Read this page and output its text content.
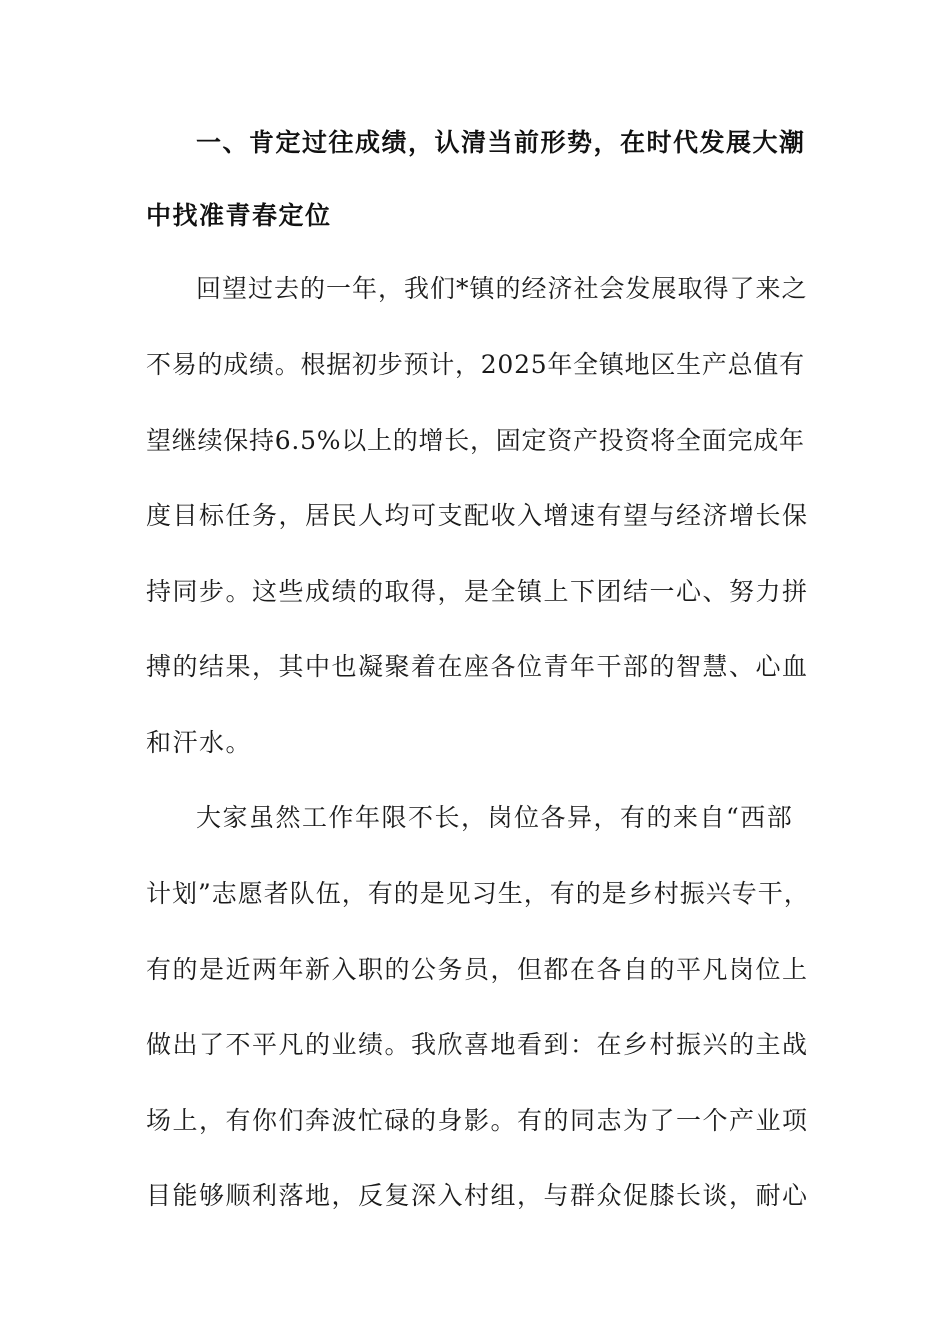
一、肯定过往成绩，认清当前形势，在时代发展大潮
中找准青春定位
回望过去的一年，我们*镇的经济社会发展取得了来之
不易的成绩。根据初步预计，2025年全镇地区生产总值有
望继续保持6.5%以上的增长，固定资产投资将全面完成年
度目标任务，居民人均可支配收入增速有望与经济增长保
持同步。这些成绩的取得，是全镇上下团结一心、努力拼
搏的结果，其中也凝聚着在座各位青年干部的智慧、心血
和汗水。
大家虽然工作年限不长，岗位各异，有的来自“西部
计划”志愿者队伍，有的是见习生，有的是乡村振兴专干，
有的是近两年新入职的公务员，但都在各自的平凡岗位上
做出了不平凡的业绩。我欣喜地看到：在乡村振兴的主战
场上，有你们奔波忙碌的身影。有的同志为了一个产业项
目能够顺利落地，反复深入村组，与群众促膝长谈，耐心
